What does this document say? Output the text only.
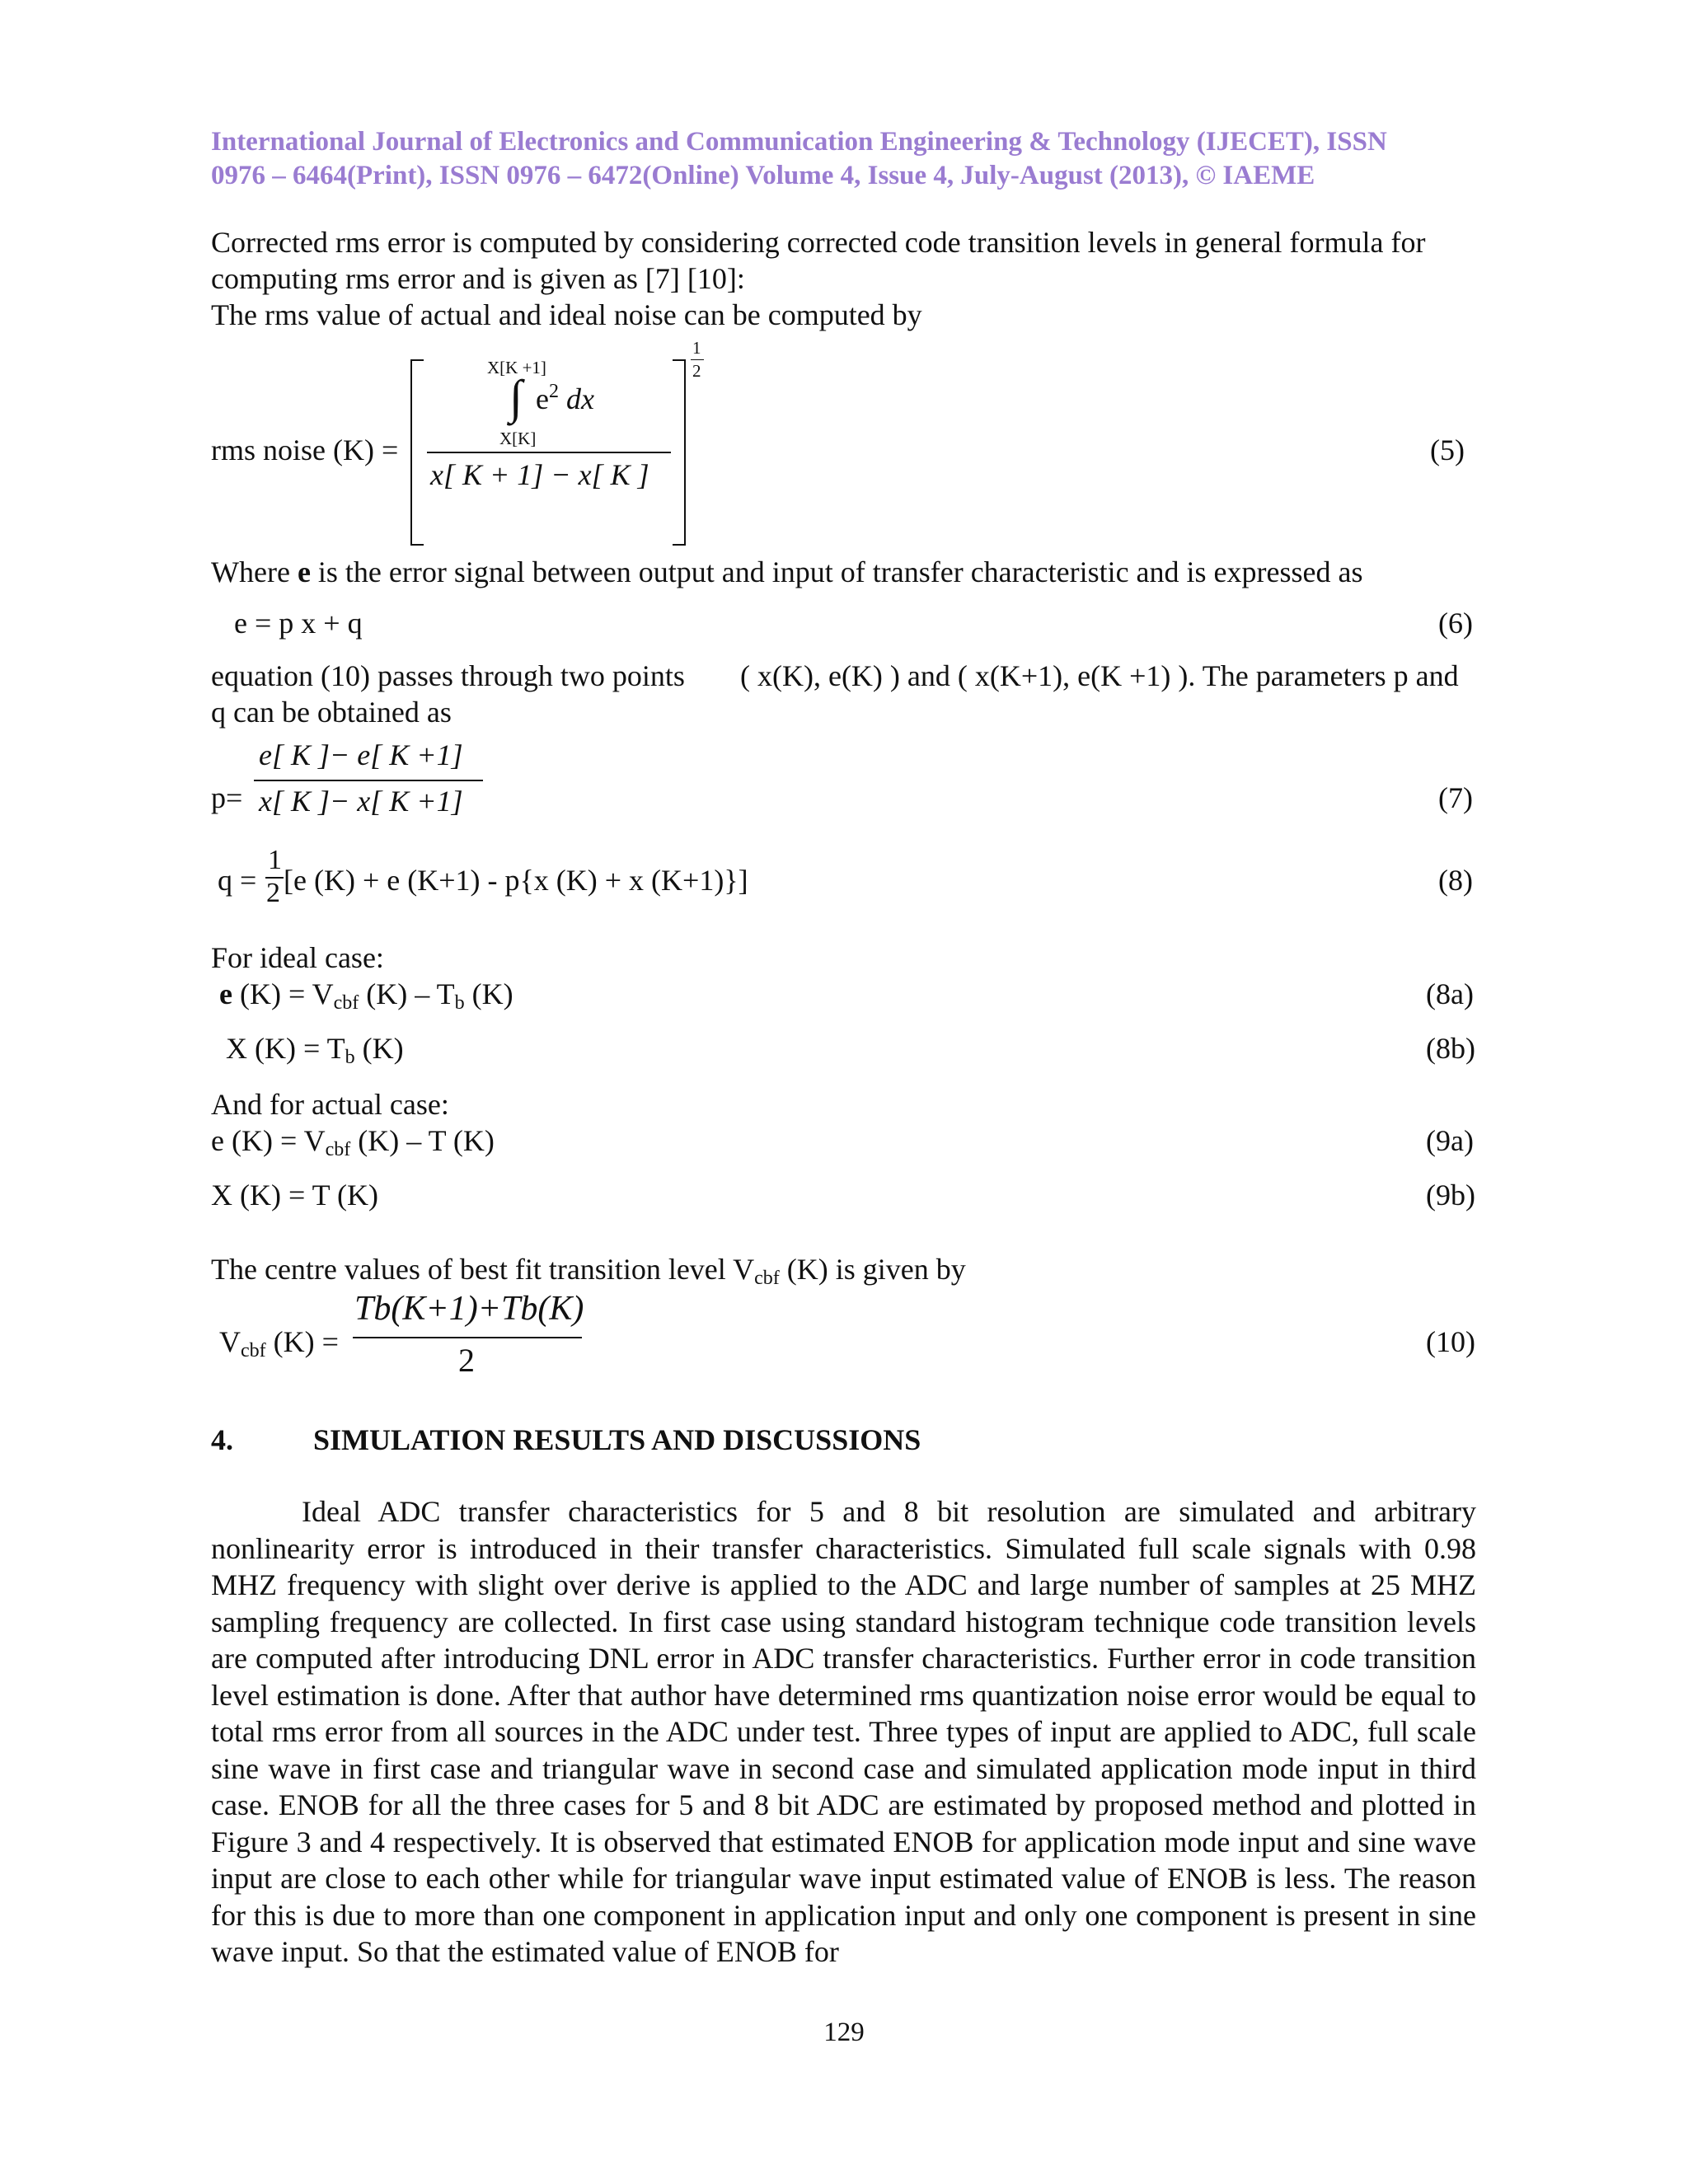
International Journal of Electronics and Communication Engineering & Technology (IJECET), ISSN
0976 – 6464(Print), ISSN 0976 – 6472(Online) Volume 4, Issue 4, July-August (2013), © IAEME
Corrected rms error is computed by considering corrected code transition levels in general formula for
computing rms error and is given as [7] [10]:
The rms value of actual and ideal noise can be computed by
rms noise (K) =
X[K +1]
∫ $e^2$ dx
X[K]
x[ K + 1] − x[ K ]
1
2
(5)
Where e is the error signal between output and input of transfer characteristic and is expressed as
e = p x + q	(6)
equation (10) passes through two points ( x(K), e(K) ) and ( x(K+1), e(K +1) ). The parameters p and
q can be obtained as
p=
e[ K ]− e[ K +1]
x[ K ]− x[ K +1]	(7)
q =
1
2 [e (K) + e (K+1) - p{x (K) + x (K+1)}]	(8)
For ideal case:
e $(K) = V_{cbf}$ $(K) - T_b$ (K)	(8a)
X $(K) = T_b$ (K)	(8b)
And for actual case:
e $(K) = V_{cbf}$ (K) – T (K)	(9a)
X (K) = T (K)	(9b)
The centre values of best fit transition level $V_{cbf}$ (K) is given by
$V_{cbf}$ (K) =
Tb(K+1)+Tb(K)
2	(10)
4.	SIMULATION RESULTS AND DISCUSSIONS

Ideal ADC transfer characteristics for 5 and 8 bit resolution are simulated and arbitrary nonlinearity error is introduced in their transfer characteristics. Simulated full scale signals with 0.98 MHZ frequency with slight over derive is applied to the ADC and large number of samples at 25 MHZ sampling frequency are collected. In first case using standard histogram technique code transition levels are computed after introducing DNL error in ADC transfer characteristics. Further error in code transition level estimation is done. After that author have determined rms quantization noise error would be equal to total rms error from all sources in the ADC under test. Three types of input are applied to ADC, full scale sine wave in first case and triangular wave in second case and simulated application mode input in third case. ENOB for all the three cases for 5 and 8 bit ADC are estimated by proposed method and plotted in Figure 3 and 4 respectively. It is observed that estimated ENOB for application mode input and sine wave input are close to each other while for triangular wave input estimated value of ENOB is less. The reason for this is due to more than one component in application input and only one component is present in sine wave input. So that the estimated value of ENOB for

129
